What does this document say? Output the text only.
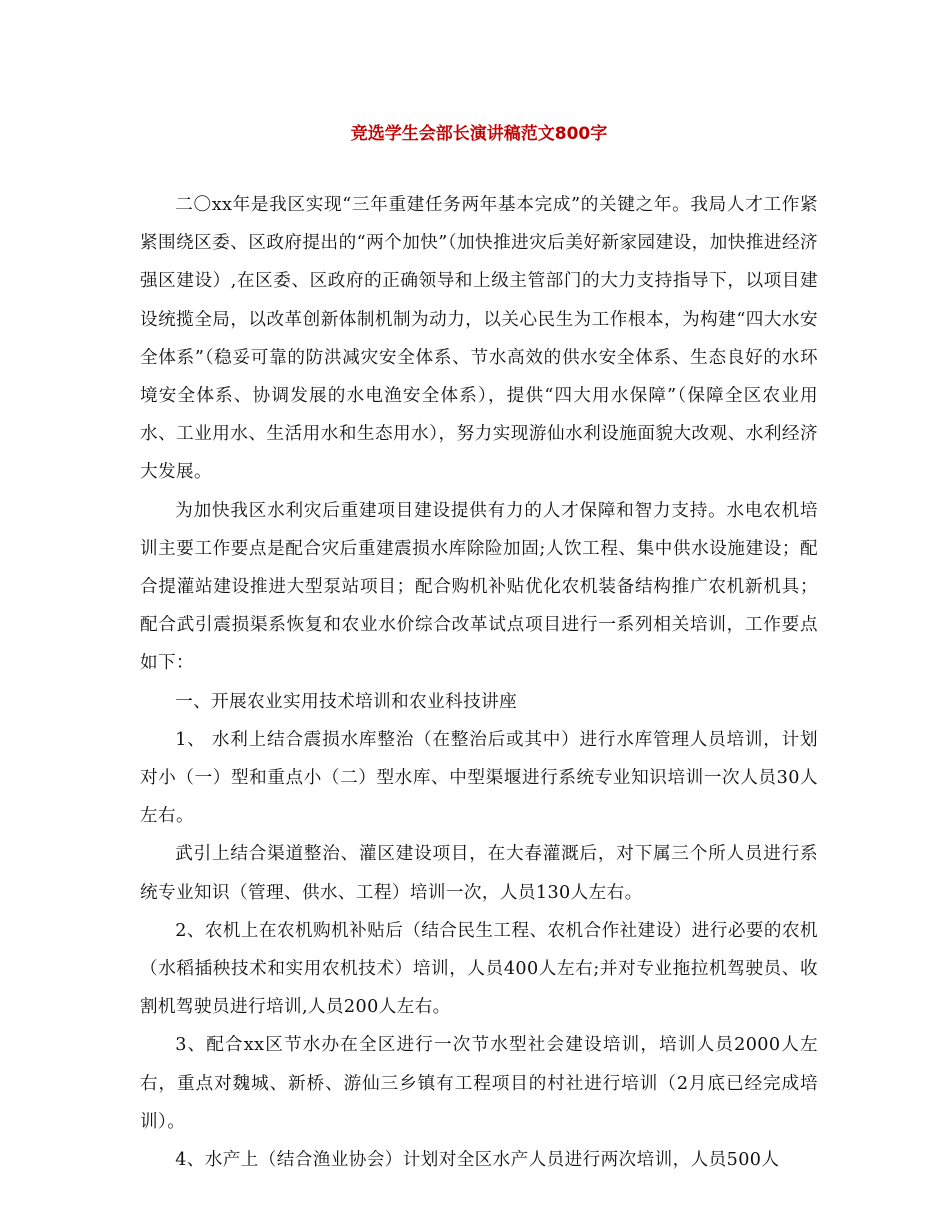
竞选学生会部长演讲稿范文800字

二〇xx年是我区实现“三年重建任务两年基本完成”的关键之年。我局人才工作紧紧围绕区委、区政府提出的“两个加快”（加快推进灾后美好新家园建设，加快推进经济强区建设）,在区委、区政府的正确领导和上级主管部门的大力支持指导下，以项目建设统揽全局，以改革创新体制机制为动力，以关心民生为工作根本，为构建“四大水安全体系”（稳妥可靠的防洪减灾安全体系、节水高效的供水安全体系、生态良好的水环境安全体系、协调发展的水电渔安全体系），提供“四大用水保障”（保障全区农业用水、工业用水、生活用水和生态用水），努力实现游仙水利设施面貌大改观、水利经济大发展。

为加快我区水利灾后重建项目建设提供有力的人才保障和智力支持。水电农机培训主要工作要点是配合灾后重建震损水库除险加固;人饮工程、集中供水设施建设；配合提灌站建设推进大型泵站项目；配合购机补贴优化农机装备结构推广农机新机具；配合武引震损渠系恢复和农业水价综合改革试点项目进行一系列相关培训，工作要点如下：

一、开展农业实用技术培训和农业科技讲座

1、 水利上结合震损水库整治（在整治后或其中）进行水库管理人员培训，计划对小（一）型和重点小（二）型水库、中型渠堰进行系统专业知识培训一次人员30人左右。

武引上结合渠道整治、灌区建设项目，在大春灌溉后，对下属三个所人员进行系统专业知识（管理、供水、工程）培训一次，人员130人左右。

2、农机上在农机购机补贴后（结合民生工程、农机合作社建设）进行必要的农机（水稻插秧技术和实用农机技术）培训，人员400人左右;并对专业拖拉机驾驶员、收割机驾驶员进行培训,人员200人左右。

3、配合xx区节水办在全区进行一次节水型社会建设培训，培训人员2000人左右，重点对魏城、新桥、游仙三乡镇有工程项目的村社进行培训（2月底已经完成培训）。

4、水产上（结合渔业协会）计划对全区水产人员进行两次培训，人员500人
